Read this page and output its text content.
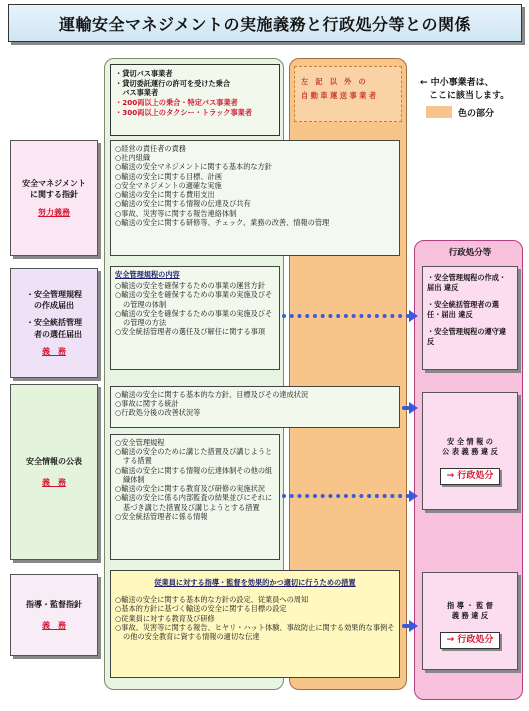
運輸安全マネジメントの実施義務と行政処分等との関係
・貸切バス事業者
・貸切委託運行の許可を受けた乗合
　バス事業者
・200両以上の乗合・特定バス事業者
・300両以上のタクシー・トラック事業者
左　記　以　外　の
自 動 車 運 送 事 業 者
← 中小事業者は、
　ここに該当します。
色の部分
安全マネジメント
に関する指針
努力義務
・安全管理規程
　の作成届出
・安全統括管理
　者の選任届出
義　務
安全情報の公表
義　務
指導・監督指針
義　務
○経営の責任者の責務
○社内組織
○輸送の安全マネジメントに関する基本的な方針
○輸送の安全に関する目標、計画
○安全マネジメントの適確な実施
○輸送の安全に関する費用支出
○輸送の安全に関する情報の伝達及び共有
○事故、災害等に関する報告連絡体制
○輸送の安全に関する研修等、チェック、業務の改善、情報の管理
安全管理規程の内容
○輸送の安全を確保するための事業の運営方針
○輸送の安全を確保するための事業の実施及びその管理の体制
○輸送の安全を確保するための事業の実施及びその管理の方法
○安全統括管理者の選任及び解任に関する事項
○輸送の安全に関する基本的な方針、目標及びその達成状況
○事故に関する統計
○行政処分後の改善状況等
○安全管理規程
○輸送の安全のために講じた措置及び講じようとする措置
○輸送の安全に関する情報の伝達体制その他の組織体制
○輸送の安全に関する教育及び研修の実施状況
○輸送の安全に係る内部監査の結果並びにそれに基づき講じた措置及び講じようとする措置
○安全統括管理者に係る情報
従業員に対する指導・監督を効果的かつ適切に行うための措置
○輸送の安全に関する基本的な方針の設定、従業員への周知
○基本的方針に基づく輸送の安全に関する目標の設定
○従業員に対する教育及び研修
○事故、災害等に関する報告、ヒヤリ・ハット体験、事故防止に関する効果的な事例その他の安全教育に資する情報の適切な伝達
行政処分等

・安全管理規程の作成・届出 違反

・安全統括管理者の選任・届出 違反

・安全管理規程の遵守違反

安 全 情 報 の
公 表 義 務 違 反
→ 行政処分
指 導 ・ 監 督
義 務 違 反
→ 行政処分
